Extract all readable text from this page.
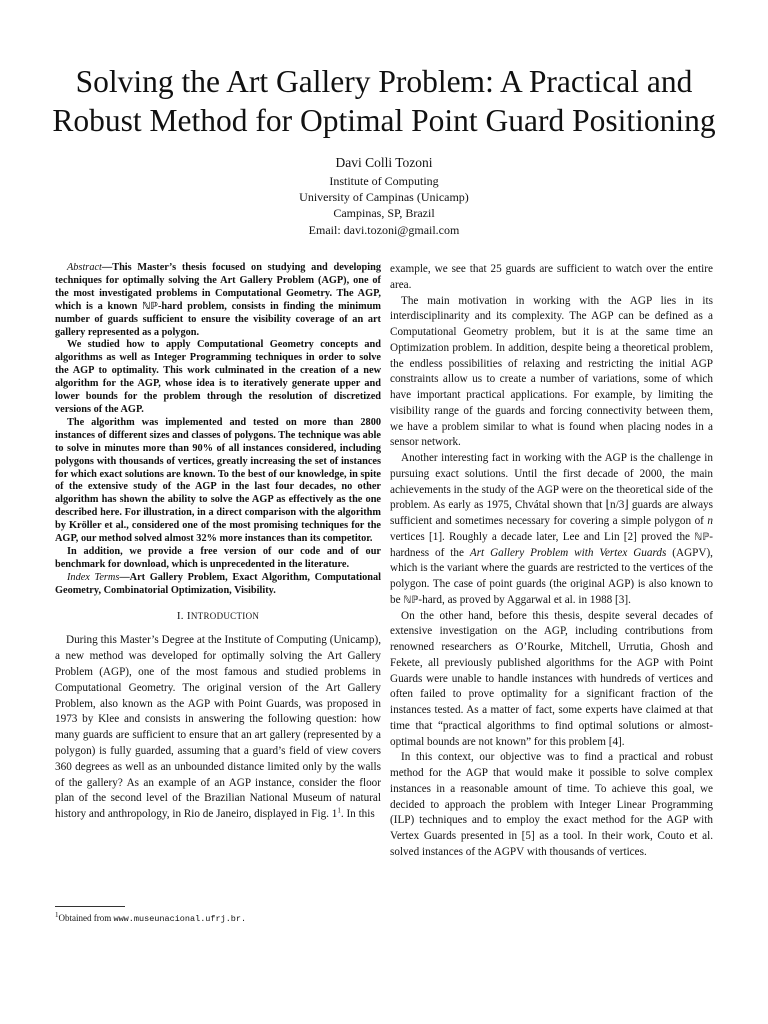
Solving the Art Gallery Problem: A Practical and
Robust Method for Optimal Point Guard Positioning
Davi Colli Tozoni
Institute of Computing
University of Campinas (Unicamp)
Campinas, SP, Brazil
Email: davi.tozoni@gmail.com

Abstract—This Master’s thesis focused on studying and developing techniques for optimally solving the Art Gallery Problem (AGP), one of the most investigated problems in Computational Geometry. The AGP, which is a known ℕℙ-hard problem, consists in finding the minimum number of guards sufficient to ensure the visibility coverage of an art gallery represented as a polygon.

We studied how to apply Computational Geometry concepts and algorithms as well as Integer Programming techniques in order to solve the AGP to optimality. This work culminated in the creation of a new algorithm for the AGP, whose idea is to iteratively generate upper and lower bounds for the problem through the resolution of discretized versions of the AGP.

The algorithm was implemented and tested on more than 2800 instances of different sizes and classes of polygons. The technique was able to solve in minutes more than 90% of all instances considered, including polygons with thousands of vertices, greatly increasing the set of instances for which exact solutions are known. To the best of our knowledge, in spite of the extensive study of the AGP in the last four decades, no other algorithm has shown the ability to solve the AGP as effectively as the one described here. For illustration, in a direct comparison with the algorithm by Kröller et al., considered one of the most promising techniques for the AGP, our method solved almost 32% more instances than its competitor.

In addition, we provide a free version of our code and of our benchmark for download, which is unprecedented in the literature.

Index Terms—Art Gallery Problem, Exact Algorithm, Computational Geometry, Combinatorial Optimization, Visibility.

I. INTRODUCTION

During this Master’s Degree at the Institute of Computing (Unicamp), a new method was developed for optimally solving the Art Gallery Problem (AGP), one of the most famous and studied problems in Computational Geometry. The original version of the Art Gallery Problem, also known as the AGP with Point Guards, was proposed in 1973 by Klee and consists in answering the following question: how many guards are sufficient to ensure that an art gallery (represented by a polygon) is fully guarded, assuming that a guard’s field of view covers 360 degrees as well as an unbounded distance limited only by the walls of the gallery? As an example of an AGP instance, consider the floor plan of the second level of the Brazilian National Museum of natural history and anthropology, in Rio de Janeiro, displayed in Fig. $1^1$. In this

$^1$Obtained from www.museunacional.ufrj.br.

example, we see that 25 guards are sufficient to watch over the entire area.

The main motivation in working with the AGP lies in its interdisciplinarity and its complexity. The AGP can be defined as a Computational Geometry problem, but it is at the same time an Optimization problem. In addition, despite being a theoretical problem, the endless possibilities of relaxing and restricting the initial AGP constraints allow us to create a number of variations, some of which have important practical applications. For example, by limiting the visibility range of the guards and forcing connectivity between them, we have a problem similar to what is found when placing nodes in a sensor network.

Another interesting fact in working with the AGP is the challenge in pursuing exact solutions. Until the first decade of 2000, the main achievements in the study of the AGP were on the theoretical side of the problem. As early as 1975, Chvátal shown that ⌊n/3⌋ guards are always sufficient and sometimes necessary for covering a simple polygon of n vertices [1]. Roughly a decade later, Lee and Lin [2] proved the ℕℙ-hardness of the Art Gallery Problem with Vertex Guards (AGPV), which is the variant where the guards are restricted to the vertices of the polygon. The case of point guards (the original AGP) is also known to be ℕℙ-hard, as proved by Aggarwal et al. in 1988 [3].

On the other hand, before this thesis, despite several decades of extensive investigation on the AGP, including contributions from renowned researchers as O’Rourke, Mitchell, Urrutia, Ghosh and Fekete, all previously published algorithms for the AGP with Point Guards were unable to handle instances with hundreds of vertices and often failed to prove optimality for a significant fraction of the instances tested. As a matter of fact, some experts have claimed at that time that “practical algorithms to find optimal solutions or almost-optimal bounds are not known” for this problem [4].

In this context, our objective was to find a practical and robust method for the AGP that would make it possible to solve complex instances in a reasonable amount of time. To achieve this goal, we decided to approach the problem with Integer Linear Programming (ILP) techniques and to employ the exact method for the AGP with Vertex Guards presented in [5] as a tool. In their work, Couto et al. solved instances of the AGPV with thousands of vertices.
